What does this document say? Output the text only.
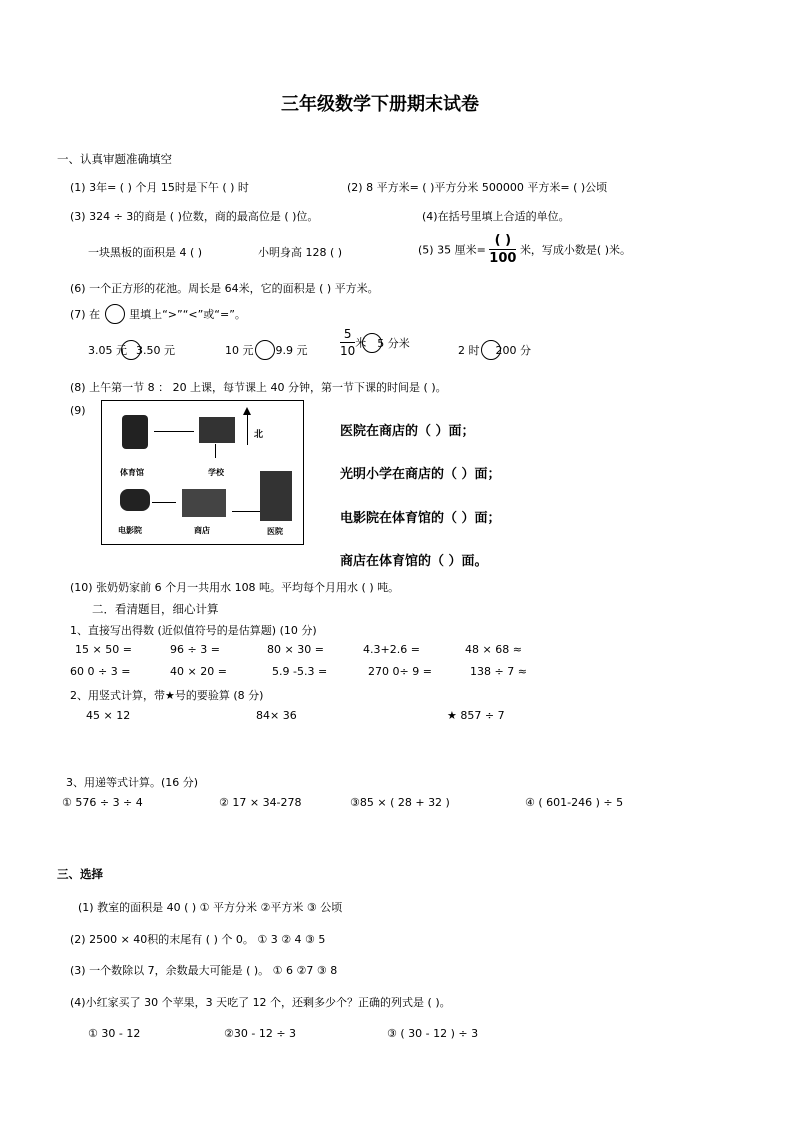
三年级数学下册期末试卷
一、认真审题准确填空
(1) 3年= ( ) 个月 15时是下午 ( ) 时	(2) 8 平方米= ( )平方分米 500000 平方米= ( )公顷
(3) 324 ÷ 3的商是 ( )位数，商的最高位是 ( )位。	(4)在括号里填上合适的单位。
一块黑板的面积是 4 ( )	小明身高 128 ( )	(5) 35 厘米= $\frac{( )}{100}$ 米，写成小数是( )米。
(6) 一个正方形的花池。周长是 64米，它的面积是 ( ) 平方米。
(7) 在	里填上“>”“<”或“=”。
3.05 元 3.50 元	10 元 9.9 元	$\frac{5}{10}$ 米 5 分米
2 时 200 分
(8) 上午第一节 8 ： 20 上课，每节课上 40 分钟，第一节下课的时间是 ( )。
(9)
体育馆	学校
北
电影院	商店	医院
医院在商店的（ ）面；
光明小学在商店的（ ）面；
电影院在体育馆的（ ）面；
商店在体育馆的（ ）面。
(10) 张奶奶家前 6 个月一共用水 108 吨。平均每个月用水 ( ) 吨。
二．看清题目，细心计算
1、直接写出得数 (近似值符号的是估算题) (10 分)
15 × 50 =	96 ÷ 3 =	80 × 30 =	4.3+2.6 =	48 × 68 ≈
60 0 ÷ 3 =	40 × 20 =	5.9 -5.3 =	270 0÷ 9 =	138 ÷ 7 ≈
2、用竖式计算，带★号的要验算 (8 分)
45 × 12	84× 36	★ 857 ÷ 7
3、用递等式计算。(16 分)
① 576 ÷ 3 ÷ 4	② 17 × 34-278	③85 × ( 28 + 32 )	④ ( 601-246 ) ÷ 5
三、选择
(1) 教室的面积是 40 ( ) ① 平方分米 ②平方米 ③ 公顷
(2) 2500 × 40积的末尾有 ( ) 个 0。 ① 3 ② 4 ③ 5
(3) 一个数除以 7，余数最大可能是 ( )。 ① 6 ②7 ③ 8
(4)小红家买了 30 个苹果，3 天吃了 12 个，还剩多少个？正确的列式是 ( )。
① 30 - 12	②30 - 12 ÷ 3	③ ( 30 - 12 ) ÷ 3
